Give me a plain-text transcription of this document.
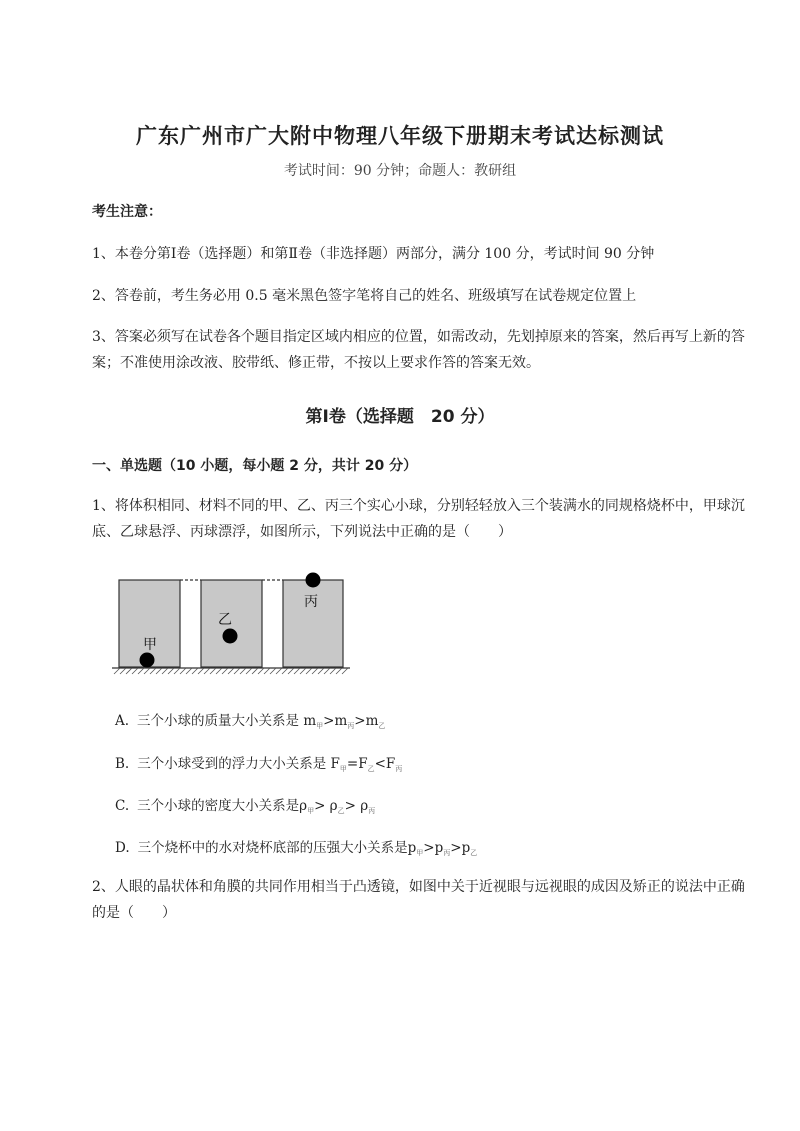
广东广州市广大附中物理八年级下册期末考试达标测试
考试时间：90 分钟；命题人：教研组
考生注意：
1、本卷分第Ⅰ卷（选择题）和第Ⅱ卷（非选择题）两部分，满分 100 分，考试时间 90 分钟
2、答卷前，考生务必用 0.5 毫米黑色签字笔将自己的姓名、班级填写在试卷规定位置上
3、答案必须写在试卷各个题目指定区域内相应的位置，如需改动，先划掉原来的答案，然后再写上新的答案；不准使用涂改液、胶带纸、修正带，不按以上要求作答的答案无效。
第Ⅰ卷（选择题　20 分）
一、单选题（10 小题，每小题 2 分，共计 20 分）
1、将体积相同、材料不同的甲、乙、丙三个实心小球，分别轻轻放入三个装满水的同规格烧杯中，甲球沉底、乙球悬浮、丙球漂浮，如图所示，下列说法中正确的是（　　）
甲
乙
丙
A. 三个小球的质量大小关系是 $m_甲>m_丙>m_乙$
B. 三个小球受到的浮力大小关系是 $F_甲=F_乙<F_丙$
C. 三个小球的密度大小关系是$\rho_甲> \rho_乙> \rho_丙$
D. 三个烧杯中的水对烧杯底部的压强大小关系是$p_甲>p_丙>p_乙$
2、人眼的晶状体和角膜的共同作用相当于凸透镜，如图中关于近视眼与远视眼的成因及矫正的说法中正确的是（　　）
